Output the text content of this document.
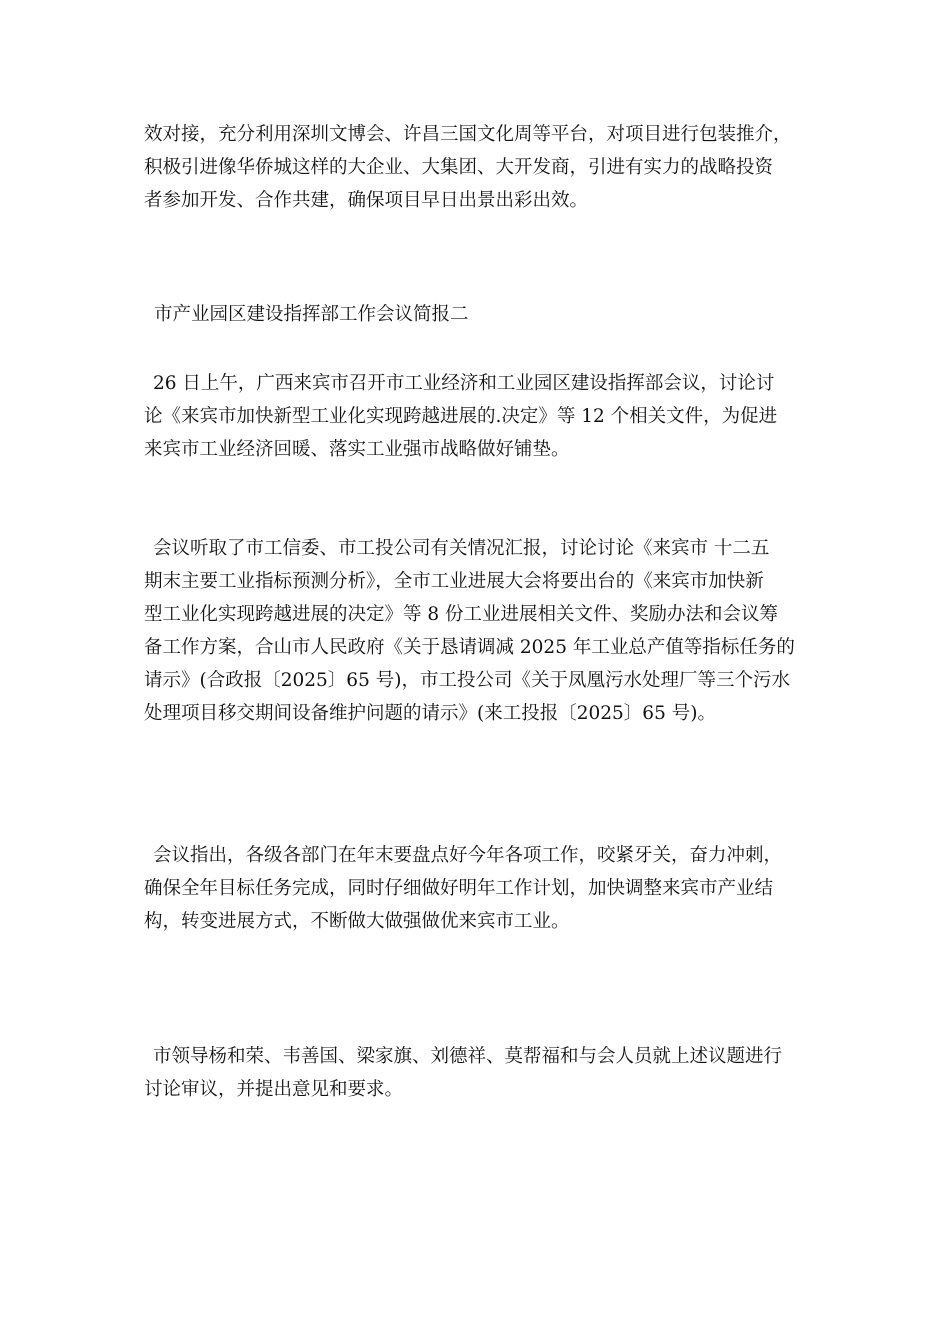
效对接，充分利用深圳文博会、许昌三国文化周等平台，对项目进行包装推介，
积极引进像华侨城这样的大企业、大集团、大开发商，引进有实力的战略投资
者参加开发、合作共建，确保项目早日出景出彩出效。
市产业园区建设指挥部工作会议简报二
26 日上午，广西来宾市召开市工业经济和工业园区建设指挥部会议，讨论讨
论《来宾市加快新型工业化实现跨越进展的.决定》等 12 个相关文件，为促进
来宾市工业经济回暖、落实工业强市战略做好铺垫。
会议听取了市工信委、市工投公司有关情况汇报，讨论讨论《来宾市 十二五
期末主要工业指标预测分析》，全市工业进展大会将要出台的《来宾市加快新
型工业化实现跨越进展的决定》等 8 份工业进展相关文件、奖励办法和会议筹
备工作方案，合山市人民政府《关于恳请调减 2025 年工业总产值等指标任务的
请示》(合政报〔2025〕65 号)，市工投公司《关于凤凰污水处理厂等三个污水
处理项目移交期间设备维护问题的请示》(来工投报〔2025〕65 号)。
会议指出，各级各部门在年末要盘点好今年各项工作，咬紧牙关，奋力冲刺，
确保全年目标任务完成，同时仔细做好明年工作计划，加快调整来宾市产业结
构，转变进展方式，不断做大做强做优来宾市工业。
市领导杨和荣、韦善国、梁家旗、刘德祥、莫帮福和与会人员就上述议题进行
讨论审议，并提出意见和要求。
